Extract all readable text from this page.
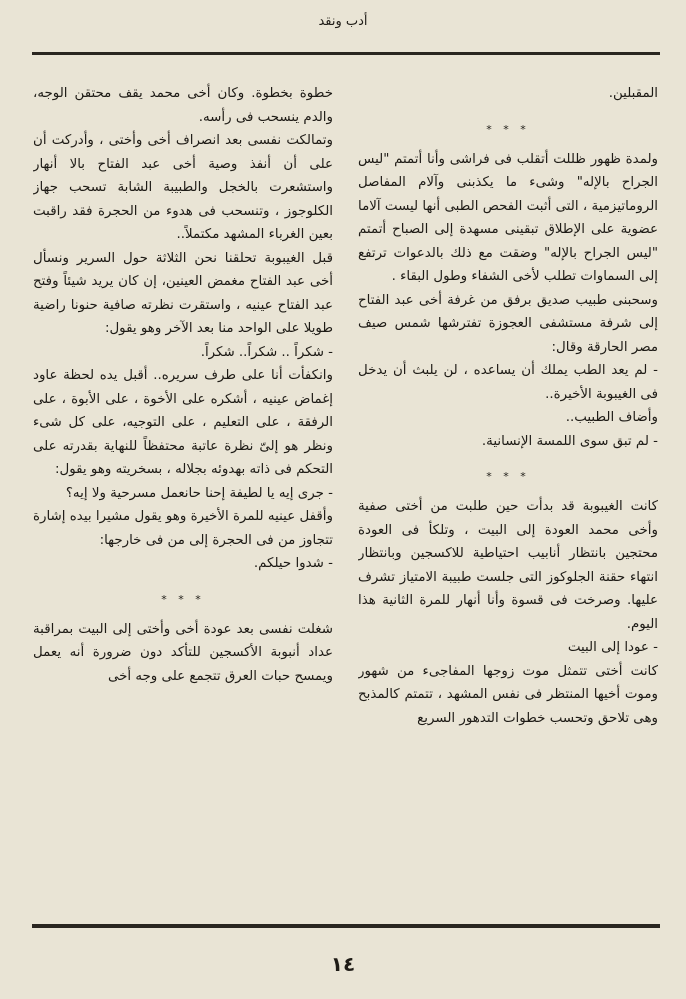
أدب ونقد

المقبلين.

* * *

ولمدة ظهور ظللت أتقلب فى فراشى وأنا أتمتم "ليس الجراح بالإله" وشىء ما يكذبنى وآلام المفاصل الروماتيزمية ، التى أثبت الفحص الطبى أنها ليست آلاما عضوية على الإطلاق تبقينى مسهدة إلى الصباح أتمتم "ليس الجراح بالإله" وضقت مع ذلك بالدعوات ترتفع إلى السماوات تطلب لأخى الشفاء وطول البقاء .

وسحبنى طبيب صديق برفق من غرفة أخى عبد الفتاح إلى شرفة مستشفى العجوزة تفترشها شمس صيف مصر الحارقة وقال:

- لم يعد الطب يملك أن يساعده ، لن يلبث أن يدخل فى الغيبوبة الأخيرة..

وأضاف الطبيب..

- لم تبق سوى اللمسة الإنسانية.

* * *

كانت الغيبوبة قد بدأت حين طلبت من أختى صفية وأخى محمد العودة إلى البيت ، وتلكأ فى العودة محتجين بانتظار أنابيب احتياطية للاكسجين وبانتظار انتهاء حقنة الجلوكوز التى جلست طبيبة الامتياز تشرف عليها. وصرخت فى قسوة وأنا أنهار للمرة الثانية هذا اليوم.

- عودا إلى البيت

كانت أختى تتمثل موت زوجها المفاجىء من شهور وموت أخيها المنتظر فى نفس المشهد ، تتمتم كالمذبح وهى تلاحق وتحسب خطوات التدهور السريع

خطوة بخطوة. وكان أخى محمد يقف محتقن الوجه، والدم ينسحب فى رأسه.

وتمالكت نفسى بعد انصراف أخى وأختى ، وأدركت أن على أن أنفذ وصية أخى عبد الفتاح بالا أنهار واستشعرت بالخجل والطبيبة الشابة تسحب جهاز الكلوجوز ، وتنسحب فى هدوء من الحجرة فقد راقبت بعين الغرباء المشهد مكتملاً..

قبل الغيبوبة تحلقنا نحن الثلاثة حول السرير ونسأل أخى عبد الفتاح مغمض العينين، إن كان يريد شيئاً وفتح عبد الفتاح عينيه ، واستقرت نظرته صافية حنونا راضية طويلا على الواحد منا بعد الآخر وهو يقول:

- شكراً .. شكراً.. شكراً.

وانكفأت أنا على طرف سريره.. أقبل يده لحظة عاود إغماض عينيه ، أشكره على الأخوة ، على الأبوة ، على الرفقة ، على التعليم ، على التوجيه، على كل شىء ونظر هو إلىّ نظرة عاتبة محتفظاً للنهاية بقدرته على التحكم فى ذاته بهدوئه بجلاله ، بسخريته وهو يقول:

- جرى إيه يا لطيفة إحنا حانعمل مسرحية ولا إيه؟

وأقفل عينيه للمرة الأخيرة وهو يقول مشيرا بيده إشارة تتجاوز من فى الحجرة إلى من فى خارجها:

- شدوا حيلكم.

* * *

شغلت نفسى بعد عودة أخى وأختى إلى البيت بمراقبة عداد أنبوبة الأكسجين للتأكد دون ضرورة أنه يعمل ويمسح حبات العرق تتجمع على وجه أخى

١٤
